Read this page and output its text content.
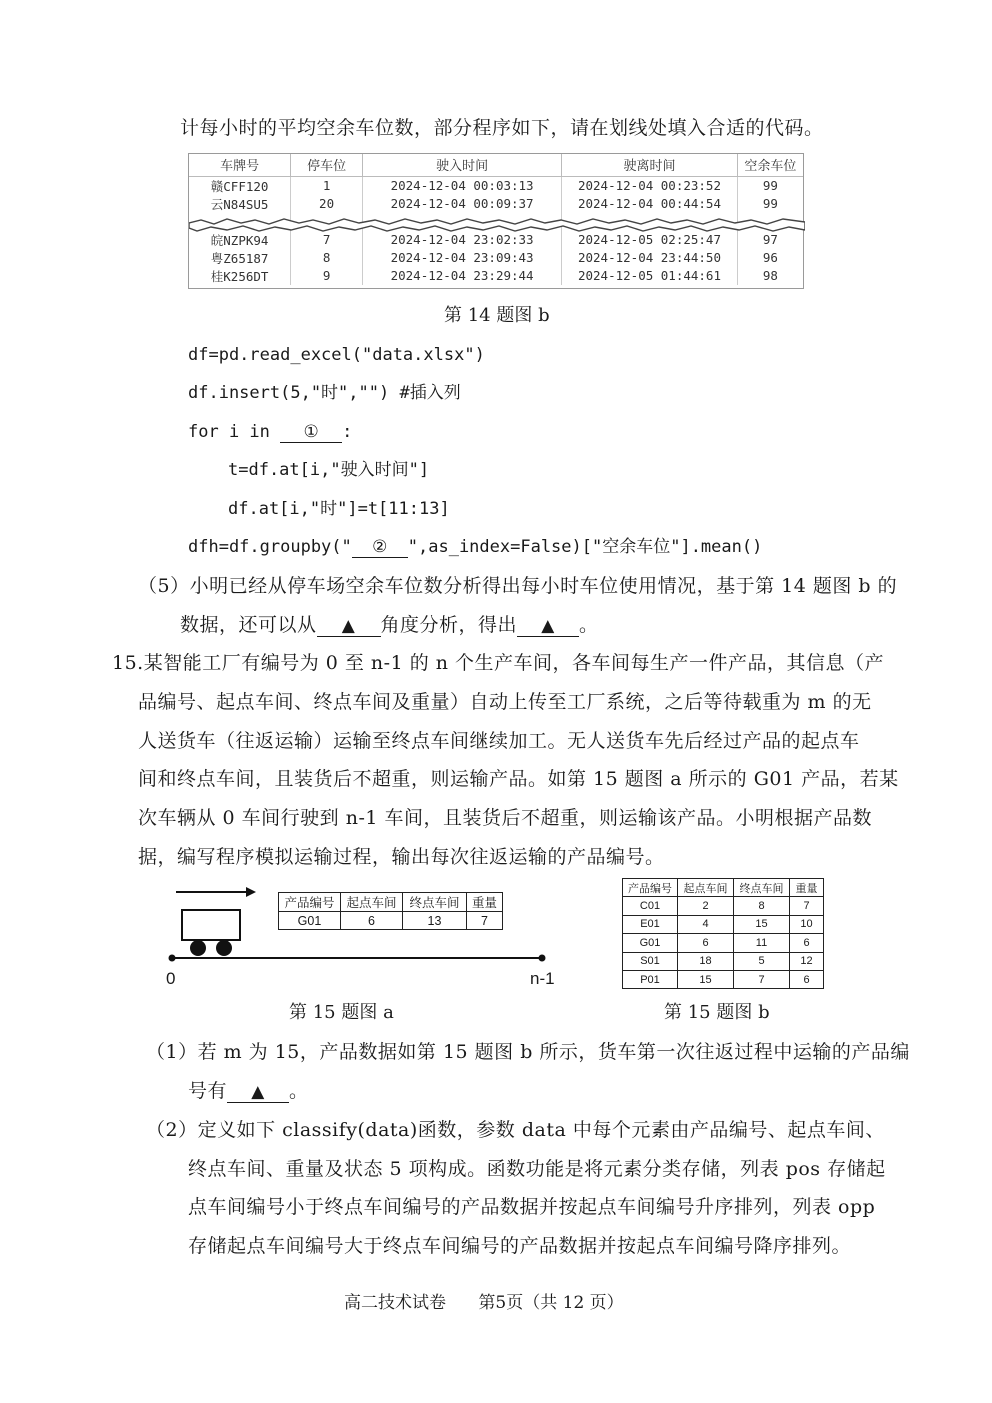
计每小时的平均空余车位数，部分程序如下，请在划线处填入合适的代码。
车牌号	停车位	驶入时间	驶离时间	空余车位
赣CFF120	1	2024-12-04 00:03:13	2024-12-04 00:23:52	99
云N84SU5	20	2024-12-04 00:09:37	2024-12-04 00:44:54	99

皖NZPK94	7	2024-12-04 23:02:33	2024-12-05 02:25:47	97
粤Z65187	8	2024-12-04 23:09:43	2024-12-04 23:44:50	96
桂K256DT	9	2024-12-04 23:29:44	2024-12-05 01:44:61	98
第 14 题图 b
df=pd.read_excel("data.xlsx")
df.insert(5,"时","") #插入列
for i in ① :
t=df.at[i,"驶入时间"]
df.at[i,"时"]=t[11:13]
dfh=df.groupby(" ② ",as_index=False)["空余车位"].mean()
（5）小明已经从停车场空余车位数分析得出每小时车位使用情况，基于第 14 题图 b 的
数据，还可以从 ▲ 角度分析，得出 ▲ 。
15.某智能工厂有编号为 0 至 n-1 的 n 个生产车间，各车间每生产一件产品，其信息（产
品编号、起点车间、终点车间及重量）自动上传至工厂系统，之后等待载重为 m 的无
人送货车（往返运输）运输至终点车间继续加工。无人送货车先后经过产品的起点车
间和终点车间，且装货后不超重，则运输产品。如第 15 题图 a 所示的 G01 产品，若某
次车辆从 0 车间行驶到 n-1 车间，且装货后不超重，则运输该产品。小明根据产品数
据，编写程序模拟运输过程，输出每次往返运输的产品编号。
0	n-1
产品编号	起点车间	终点车间	重量
G01	6	13	7
产品编号	起点车间	终点车间	重量
C01	2	8	7
E01	4	15	10
G01	6	11	6
S01	18	5	12
P01	15	7	6
第 15 题图 a	第 15 题图 b
（1）若 m 为 15，产品数据如第 15 题图 b 所示，货车第一次往返过程中运输的产品编
号有 ▲ 。
（2）定义如下 classify(data)函数，参数 data 中每个元素由产品编号、起点车间、
终点车间、重量及状态 5 项构成。函数功能是将元素分类存储，列表 pos 存储起
点车间编号小于终点车间编号的产品数据并按起点车间编号升序排列，列表 opp
存储起点车间编号大于终点车间编号的产品数据并按起点车间编号降序排列。
高二技术试卷      第5页（共 12 页）
